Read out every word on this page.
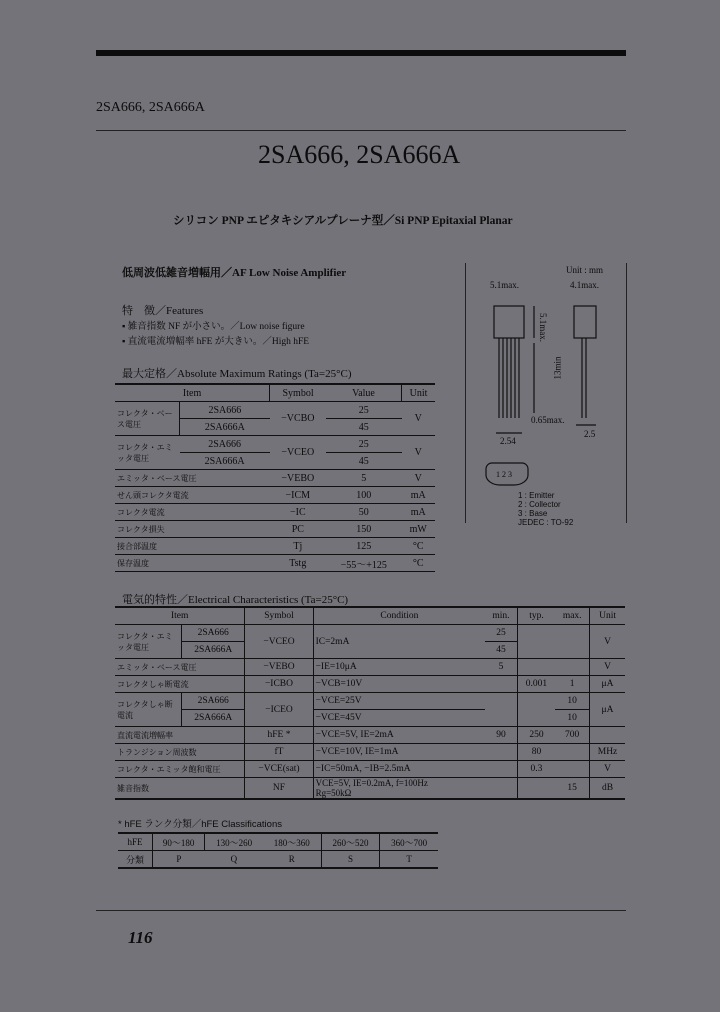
2SA666, 2SA666A
2SA666, 2SA666A
シリコン PNP エピタキシアルプレーナ型／Si PNP Epitaxial Planar
低周波低雑音増幅用／AF Low Noise Amplifier
特　徴／Features
▪ 雑音指数 NF が小さい。／Low noise figure
▪ 直流電流増幅率 hFE が大きい。／High hFE
最大定格／Absolute Maximum Ratings (Ta=25°C)
Item		Symbol	Value	Unit
コレクタ・ベース電圧	2SA666	−VCBO	25	V
	2SA666A		45	
コレクタ・エミッタ電圧	2SA666	−VCEO	25	V
	2SA666A		45	
エミッタ・ベース電圧		−VEBO	5	V
せん頭コレクタ電流		−ICM	100	mA
コレクタ電流		−IC	50	mA
コレクタ損失		PC	150	mW
接合部温度		Tj	125	°C
保存温度		Tstg	−55～+125	°C
Unit : mm
5.1max.	4.1max.
5.1max.
13min
0.65max.
2.54
2.5
1 2 3
1 : Emitter
2 : Collector
3 : Base
JEDEC : TO-92
電気的特性／Electrical Characteristics (Ta=25°C)
Item		Symbol	Condition	min.	typ.	max.	Unit
コレクタ・エミッタ電圧	2SA666	−VCEO	IC=2mA	25			V
	2SA666A			45			
エミッタ・ベース電圧		−VEBO	−IE=10μA	5			V
コレクタしゃ断電流		−ICBO	−VCB=10V		0.001	1	μA
コレクタしゃ断電流	2SA666	−ICEO	−VCE=25V			10	μA
	2SA666A		−VCE=45V			10	
直流電流増幅率		hFE *	−VCE=5V, IE=2mA	90	250	700	
トランジション周波数		fT	−VCE=10V, IE=1mA		80		MHz
コレクタ・エミッタ飽和電圧		−VCE(sat)	−IC=50mA, −IB=2.5mA		0.3		V
雑音指数		NF	VCE=5V, IE=0.2mA, f=100Hz
Rg=50kΩ			15	dB
* hFE ランク分類／hFE Classifications
hFE	90～180	130～260	180～360	260～520	360～700
分類	P	Q	R	S	T
116
